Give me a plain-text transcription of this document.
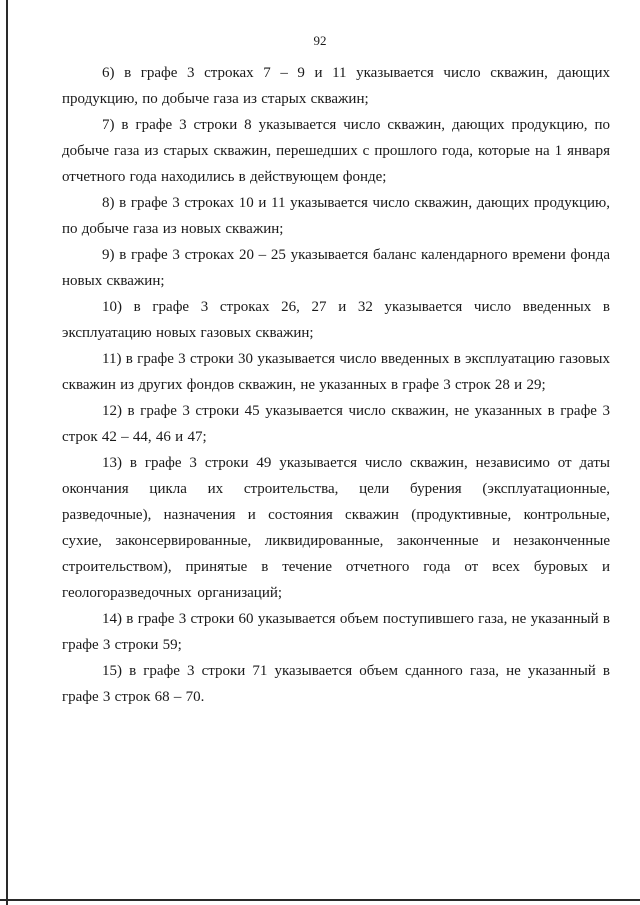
92

6) в графе 3 строках 7 – 9 и 11 указывается число скважин, дающих продукцию, по добыче газа из старых скважин;

7) в графе 3 строки 8 указывается число скважин, дающих продукцию, по добыче газа из старых скважин, перешедших с прошлого года, которые на 1 января отчетного года находились в действующем фонде;

8) в графе 3 строках 10 и 11 указывается число скважин, дающих продукцию, по добыче газа из новых скважин;

9) в графе 3 строках 20 – 25 указывается баланс календарного времени фонда новых скважин;

10) в графе 3 строках 26, 27 и 32 указывается число введенных в эксплуатацию новых газовых скважин;

11) в графе 3 строки 30 указывается число введенных в эксплуатацию газовых скважин из других фондов скважин, не указанных в графе 3 строк 28 и 29;

12) в графе 3 строки 45 указывается число скважин, не указанных в графе 3 строк 42 – 44, 46 и 47;

13) в графе 3 строки 49 указывается число скважин, независимо от даты окончания цикла их строительства, цели бурения (эксплуатационные, разведочные), назначения и состояния скважин (продуктивные, контрольные, сухие, законсервированные, ликвидированные, законченные и незаконченные строительством), принятые в течение отчетного года от всех буровых и геологоразведочных организаций;

14) в графе 3 строки 60 указывается объем поступившего газа, не указанный в графе 3 строки 59;

15) в графе 3 строки 71 указывается объем сданного газа, не указанный в графе 3 строк 68 – 70.
